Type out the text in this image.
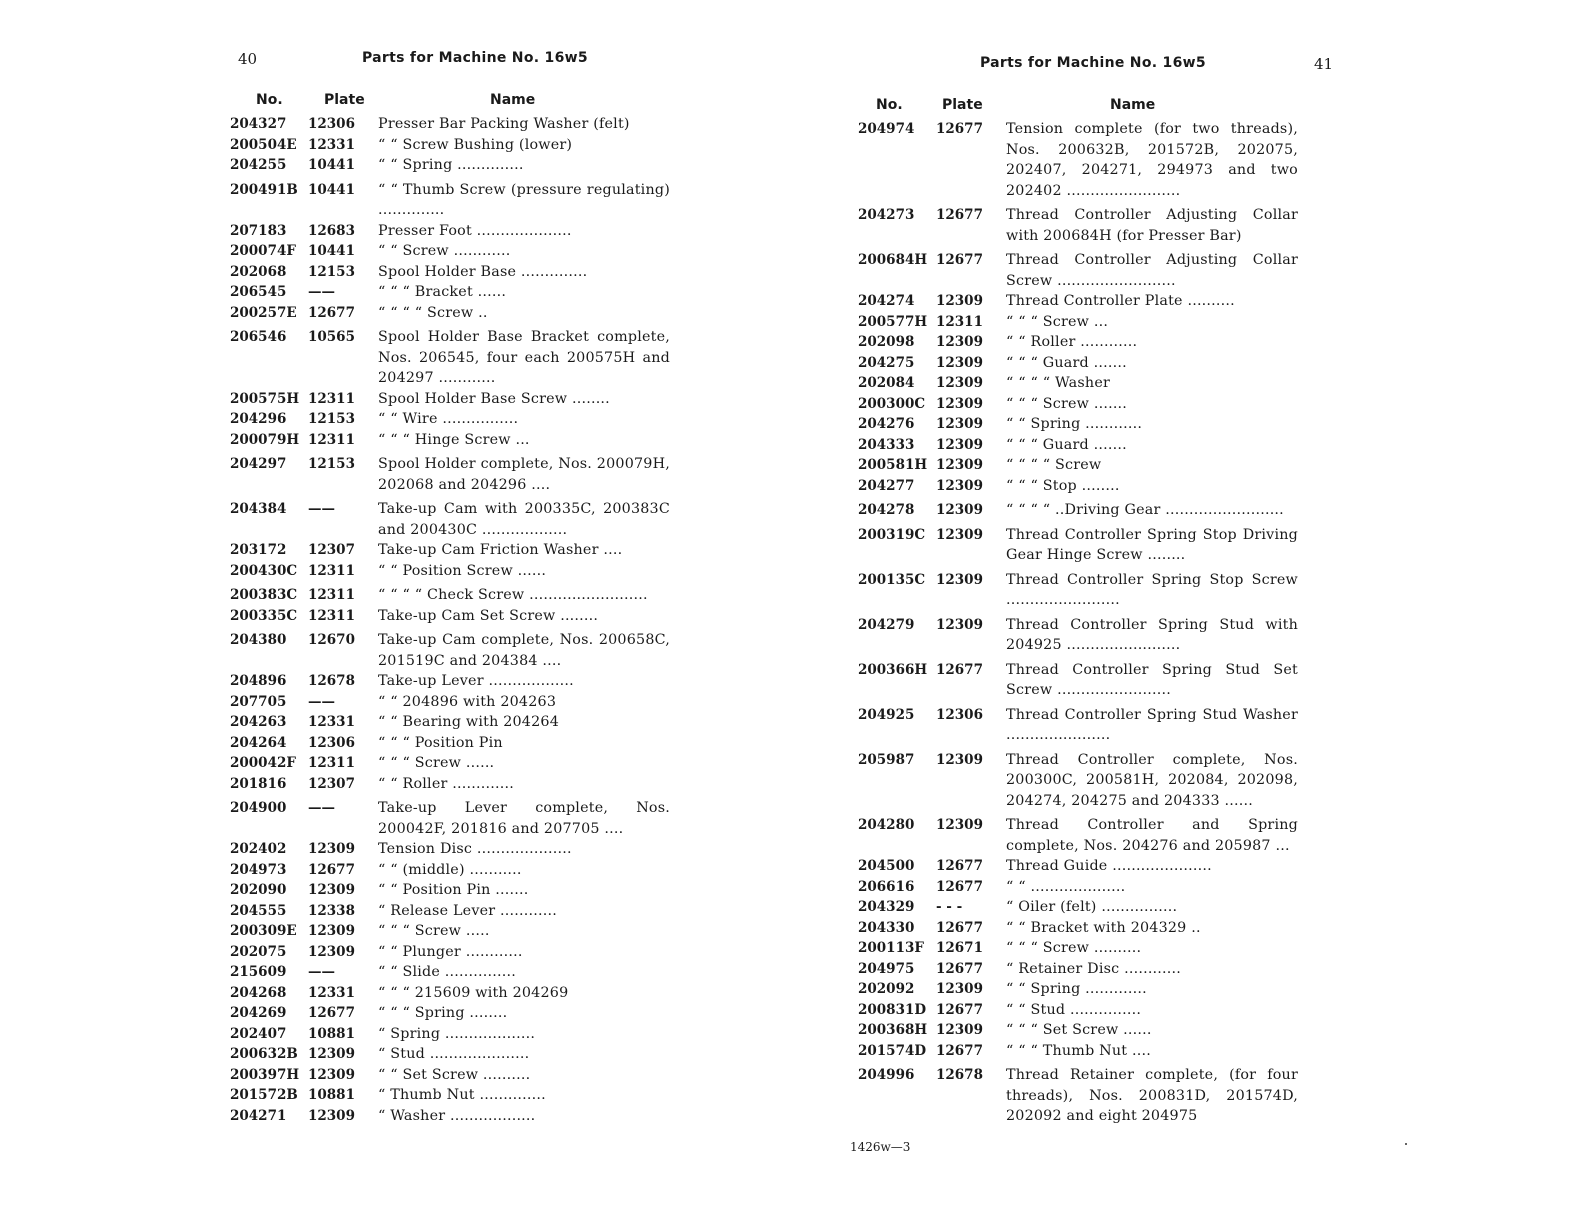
40	Parts for Machine No. 16w5
No.	Plate	Name
204327	12306	Presser Bar Packing Washer (felt)
200504E 12331	“ “ Screw Bushing (lower)
204255	10441	“ “ Spring ..............
200491B 10441	“ “ Thumb Screw (pressure regulating) ..............
207183	12683	Presser Foot ....................
200074F 10441	“ “ Screw ............
202068	12153	Spool Holder Base ..............
206545	——	“ “ “ Bracket ......
200257E 12677	“ “ “ “ Screw ..
206546	10565	Spool Holder Base Bracket complete, Nos. 206545, four each 200575H and 204297 ............
200575H 12311	Spool Holder Base Screw ........
204296	12153	“ “ Wire ................
200079H 12311	“ “ “ Hinge Screw ...
204297	12153	Spool Holder complete, Nos. 200079H, 202068 and 204296 ....
204384	——	Take-up Cam with 200335C, 200383C and 200430C ..................
203172	12307	Take-up Cam Friction Washer ....
200430C 12311	“ “ Position Screw ......
200383C 12311	“ “ “ “ Check Screw .........................
200335C 12311	Take-up Cam Set Screw ........
204380	12670	Take-up Cam complete, Nos. 200658C, 201519C and 204384 ....
204896	12678	Take-up Lever ..................
207705	——	“ “ 204896 with 204263
204263	12331	“ “ Bearing with 204264
204264	12306	“ “ “ Position Pin
200042F 12311	“ “ “ Screw ......
201816	12307	“ “ Roller .............
204900	——	Take-up Lever complete, Nos. 200042F, 201816 and 207705 ....
202402	12309	Tension Disc ....................
204973	12677	“ “ (middle) ...........
202090	12309	“ “ Position Pin .......
204555	12338	“ Release Lever ............
200309E 12309	“ “ “ Screw .....
202075	12309	“ “ Plunger ............
215609	——	“ “ Slide ...............
204268	12331	“ “ “ 215609 with 204269
204269	12677	“ “ “ Spring ........
202407	10881	“ Spring ...................
200632B 12309	“ Stud .....................
200397H 12309	“ “ Set Screw ..........
201572B 10881	“ Thumb Nut ..............
204271	12309	“ Washer ..................
Parts for Machine No. 16w5	41
No.	Plate	Name
204974	12677	Tension complete (for two threads), Nos. 200632B, 201572B, 202075, 202407, 204271, 294973 and two 202402 ........................
204273	12677	Thread Controller Adjusting Collar with 200684H (for Presser Bar)
200684H 12677	Thread Controller Adjusting Collar Screw .........................
204274	12309	Thread Controller Plate ..........
200577H 12311	“ “ “ Screw ...
202098	12309	“ “ Roller ............
204275	12309	“ “ “ Guard .......
202084	12309	“ “ “ “ Washer
200300C 12309	“ “ “ Screw .......
204276	12309	“ “ Spring ............
204333	12309	“ “ “ Guard .......
200581H 12309	“ “ “ “ Screw
204277	12309	“ “ “ Stop ........
204278	12309	“ “ “ “ ..Driving Gear .........................
200319C 12309	Thread Controller Spring Stop Driving Gear Hinge Screw ........
200135C 12309	Thread Controller Spring Stop Screw ........................
204279	12309	Thread Controller Spring Stud with 204925 ........................
200366H 12677	Thread Controller Spring Stud Set Screw ........................
204925	12306	Thread Controller Spring Stud Washer ......................
205987	12309	Thread Controller complete, Nos. 200300C, 200581H, 202084, 202098, 204274, 204275 and 204333 ......
204280	12309	Thread Controller and Spring complete, Nos. 204276 and 205987 ...
204500	12677	Thread Guide .....................
206616	12677	“ “ ....................
204329	- - -	“ Oiler (felt) ................
204330	12677	“ “ Bracket with 204329 ..
200113F 12671	“ “ “ Screw ..........
204975	12677	“ Retainer Disc ............
202092	12309	“ “ Spring .............
200831D 12677	“ “ Stud ...............
200368H 12309	“ “ “ Set Screw ......
201574D 12677	“ “ “ Thumb Nut ....
204996	12678	Thread Retainer complete, (for four threads), Nos. 200831D, 201574D, 202092 and eight 204975
1426w—3
